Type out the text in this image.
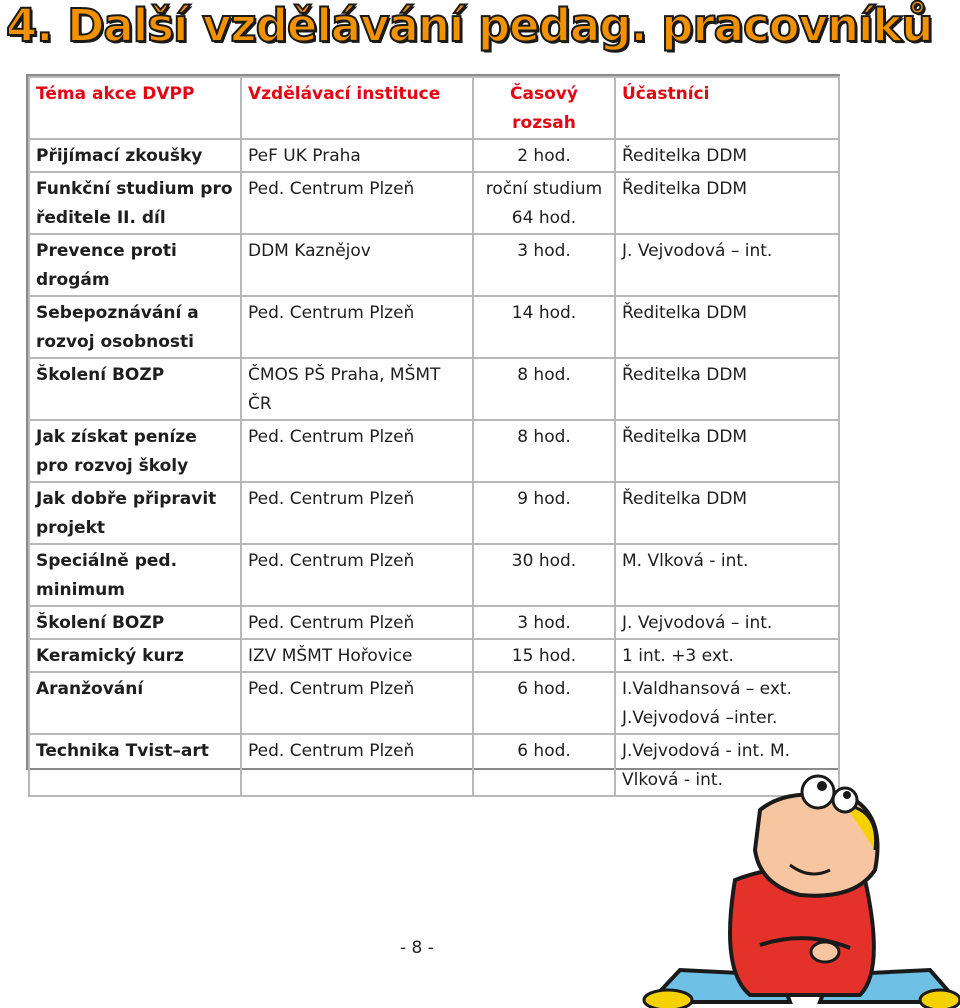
4. Další vzdělávání pedag. pracovníků
Téma akce DVPP	Vzdělávací instituce	Časový rozsah	Účastníci
Přijímací zkoušky	PeF UK Praha	2 hod.	Ředitelka DDM
Funkční studium pro ředitele II. díl	Ped. Centrum Plzeň	roční studium 64 hod.	Ředitelka DDM
Prevence proti drogám	DDM Kaznějov	3 hod.	J. Vejvodová – int.
Sebepoznávání a rozvoj osobnosti	Ped. Centrum Plzeň	14 hod.	Ředitelka DDM
Školení BOZP	ČMOS PŠ Praha, MŠMT ČR	8 hod.	Ředitelka DDM
Jak získat peníze pro rozvoj školy	Ped. Centrum Plzeň	8 hod.	Ředitelka DDM
Jak dobře připravit projekt	Ped. Centrum Plzeň	9 hod.	Ředitelka DDM
Speciálně ped. minimum	Ped. Centrum Plzeň	30 hod.	M. Vlková - int.
Školení BOZP	Ped. Centrum Plzeň	3 hod.	J. Vejvodová – int.
Keramický kurz	IZV MŠMT Hořovice	15 hod.	1 int. +3 ext.
Aranžování	Ped. Centrum Plzeň	6 hod.	I.Valdhansová – ext. J.Vejvodová –inter.
Technika Tvist–art	Ped. Centrum Plzeň	6 hod.	J.Vejvodová - int. M. Vlková - int.
- 8 -
